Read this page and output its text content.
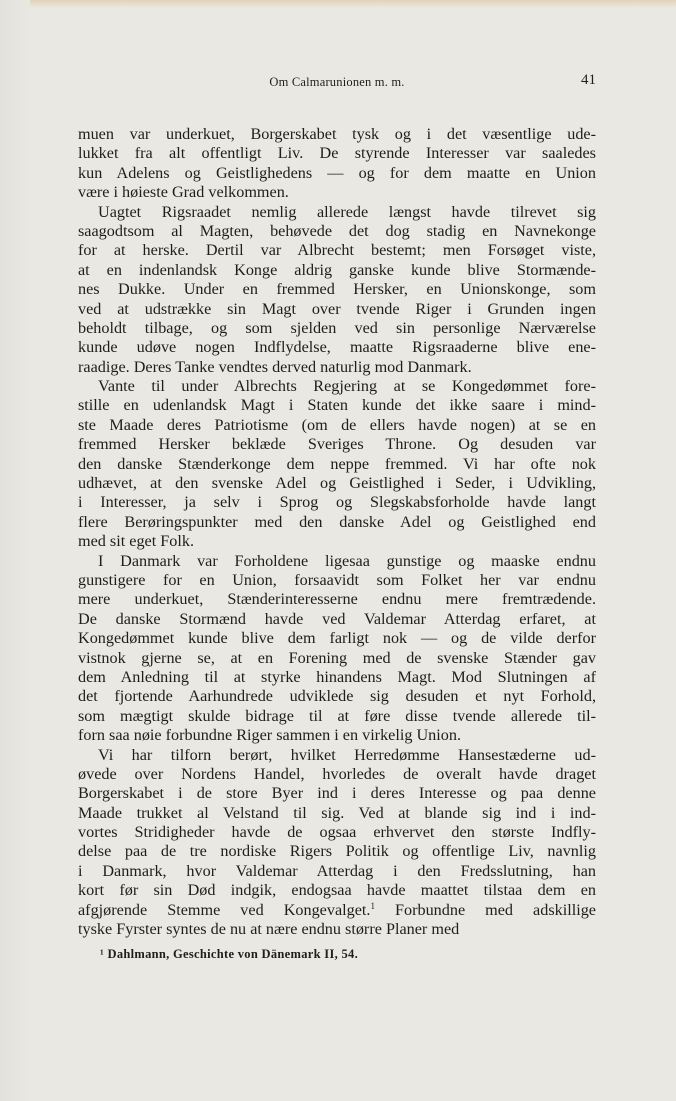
Om Calmarunionen m. m.	41
muen var underkuet, Borgerskabet tysk og i det væsentlige ude-
lukket fra alt offentligt Liv. De styrende Interesser var saaledes
kun Adelens og Geistlighedens — og for dem maatte en Union
være i høieste Grad velkommen.
Uagtet Rigsraadet nemlig allerede længst havde tilrevet sig
saagodtsom al Magten, behøvede det dog stadig en Navnekonge
for at herske. Dertil var Albrecht bestemt; men Forsøget viste,
at en indenlandsk Konge aldrig ganske kunde blive Stormænde-
nes Dukke. Under en fremmed Hersker, en Unionskonge, som
ved at udstrække sin Magt over tvende Riger i Grunden ingen
beholdt tilbage, og som sjelden ved sin personlige Nærværelse
kunde udøve nogen Indflydelse, maatte Rigsraaderne blive ene-
raadige. Deres Tanke vendtes derved naturlig mod Danmark.
Vante til under Albrechts Regjering at se Kongedømmet fore-
stille en udenlandsk Magt i Staten kunde det ikke saare i mind-
ste Maade deres Patriotisme (om de ellers havde nogen) at se en
fremmed Hersker beklæde Sveriges Throne. Og desuden var
den danske Stænderkonge dem neppe fremmed. Vi har ofte nok
udhævet, at den svenske Adel og Geistlighed i Seder, i Udvikling,
i Interesser, ja selv i Sprog og Slegskabsforholde havde langt
flere Berøringspunkter med den danske Adel og Geistlighed end
med sit eget Folk.
I Danmark var Forholdene ligesaa gunstige og maaske endnu
gunstigere for en Union, forsaavidt som Folket her var endnu
mere underkuet, Stænderinteresserne endnu mere fremtrædende.
De danske Stormænd havde ved Valdemar Atterdag erfaret, at
Kongedømmet kunde blive dem farligt nok — og de vilde derfor
vistnok gjerne se, at en Forening med de svenske Stænder gav
dem Anledning til at styrke hinandens Magt. Mod Slutningen af
det fjortende Aarhundrede udviklede sig desuden et nyt Forhold,
som mægtigt skulde bidrage til at føre disse tvende allerede til-
forn saa nøie forbundne Riger sammen i en virkelig Union.
Vi har tilforn berørt, hvilket Herredømme Hansestæderne ud-
øvede over Nordens Handel, hvorledes de overalt havde draget
Borgerskabet i de store Byer ind i deres Interesse og paa denne
Maade trukket al Velstand til sig. Ved at blande sig ind i ind-
vortes Stridigheder havde de ogsaa erhvervet den største Indfly-
delse paa de tre nordiske Rigers Politik og offentlige Liv, navnlig
i Danmark, hvor Valdemar Atterdag i den Fredsslutning, han
kort før sin Død indgik, endogsaa havde maattet tilstaa dem en
afgjørende Stemme ved Kongevalget.$^1$ Forbundne med adskillige
tyske Fyrster syntes de nu at nære endnu større Planer med
¹ Dahlmann, Geschichte von Dänemark II, 54.
